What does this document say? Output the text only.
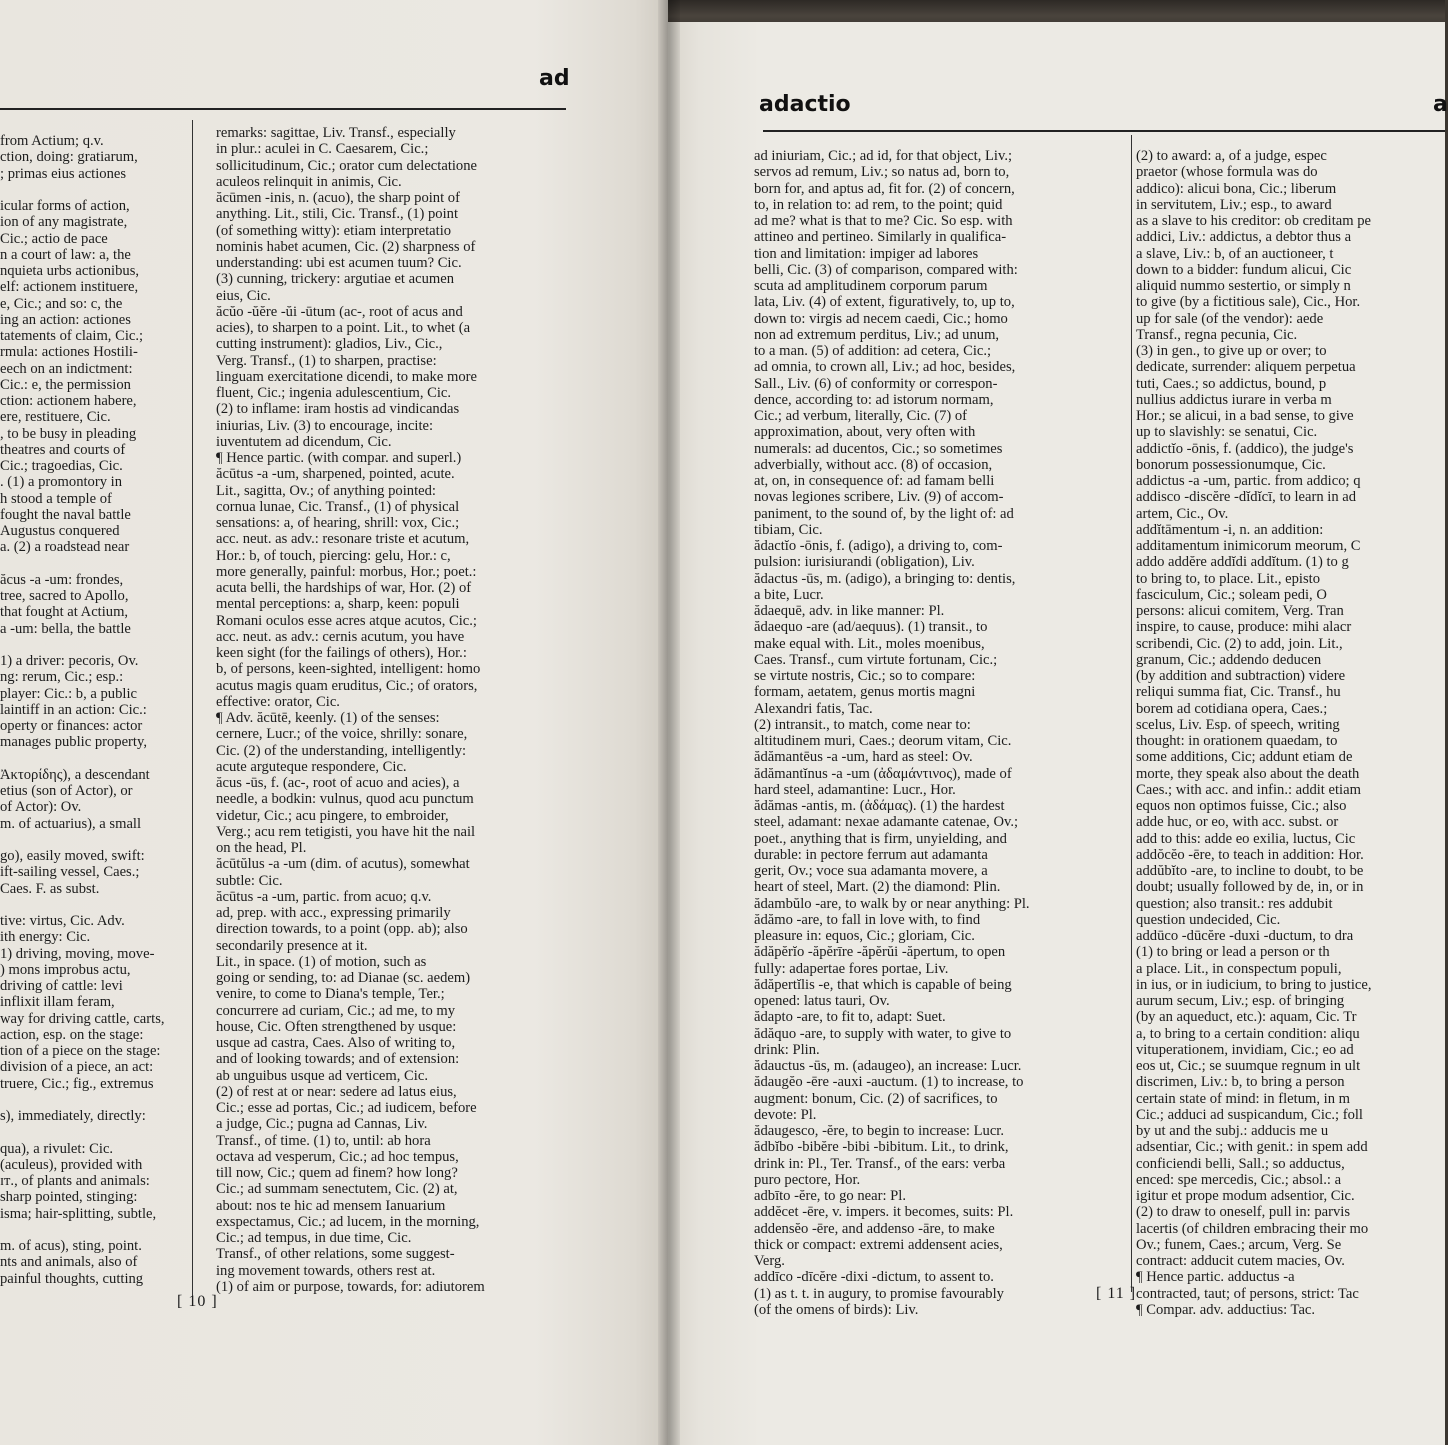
ad
from Actium; q.v.
ction, doing: gratiarum,
; primas eius actiones

icular forms of action,
ion of any magistrate,
Cic.; actio de pace
n a court of law: a, the
nquieta urbs actionibus,
elf: actionem instituere,
e, Cic.; and so: c, the
ing an action: actiones
tatements of claim, Cic.;
rmula: actiones Hostili-
eech on an indictment:
Cic.: e, the permission
ction: actionem habere,
ere, restituere, Cic.
, to be busy in pleading
theatres and courts of
Cic.; tragoedias, Cic.
. (1) a promontory in
h stood a temple of
fought the naval battle
Augustus conquered
a. (2) a roadstead near

ăcus -a -um: frondes,
tree, sacred to Apollo,
that fought at Actium,
a -um: bella, the battle

1) a driver: pecoris, Ov.
ng: rerum, Cic.; esp.:
player: Cic.: b, a public
laintiff in an action: Cic.:
operty or finances: actor
manages public property,

Ἀκτορίδης), a descendant
etius (son of Actor), or
of Actor): Ov.
m. of actuarius), a small

go), easily moved, swift:
ift-sailing vessel, Caes.;
Caes. F. as subst.

tive: virtus, Cic. Adv.
ith energy: Cic.
1) driving, moving, move-
) mons improbus actu,
driving of cattle: levi
inflixit illam feram,
way for driving cattle, carts,
action, esp. on the stage:
tion of a piece on the stage:
division of a piece, an act:
truere, Cic.; fig., extremus

s), immediately, directly:

qua), a rivulet: Cic.
(aculeus), provided with
ɪᴛ., of plants and animals:
sharp pointed, stinging:
isma; hair-splitting, subtle,

m. of acus), sting, point.
nts and animals, also of
painful thoughts, cutting
remarks: sagittae, Liv. Transf., especially
in plur.: aculei in C. Caesarem, Cic.;
sollicitudinum, Cic.; orator cum delectatione
aculeos relinquit in animis, Cic.
ăcūmen -inis, n. (acuo), the sharp point of
anything. Lit., stili, Cic. Transf., (1) point
(of something witty): etiam interpretatio
nominis habet acumen, Cic. (2) sharpness of
understanding: ubi est acumen tuum? Cic.
(3) cunning, trickery: argutiae et acumen
eius, Cic.
ăcŭo -ŭĕre -ŭi -ūtum (ac-, root of acus and
acies), to sharpen to a point. Lit., to whet (a
cutting instrument): gladios, Liv., Cic.,
Verg. Transf., (1) to sharpen, practise:
linguam exercitatione dicendi, to make more
fluent, Cic.; ingenia adulescentium, Cic.
(2) to inflame: iram hostis ad vindicandas
iniurias, Liv. (3) to encourage, incite:
iuventutem ad dicendum, Cic.
¶ Hence partic. (with compar. and superl.)
ăcūtus -a -um, sharpened, pointed, acute.
Lit., sagitta, Ov.; of anything pointed:
cornua lunae, Cic. Transf., (1) of physical
sensations: a, of hearing, shrill: vox, Cic.;
acc. neut. as adv.: resonare triste et acutum,
Hor.: b, of touch, piercing: gelu, Hor.: c,
more generally, painful: morbus, Hor.; poet.:
acuta belli, the hardships of war, Hor. (2) of
mental perceptions: a, sharp, keen: populi
Romani oculos esse acres atque acutos, Cic.;
acc. neut. as adv.: cernis acutum, you have
keen sight (for the failings of others), Hor.:
b, of persons, keen-sighted, intelligent: homo
acutus magis quam eruditus, Cic.; of orators,
effective: orator, Cic.
¶ Adv. ăcūtē, keenly. (1) of the senses:
cernere, Lucr.; of the voice, shrilly: sonare,
Cic. (2) of the understanding, intelligently:
acute arguteque respondere, Cic.
ăcus -ūs, f. (ac-, root of acuo and acies), a
needle, a bodkin: vulnus, quod acu punctum
videtur, Cic.; acu pingere, to embroider,
Verg.; acu rem tetigisti, you have hit the nail
on the head, Pl.
ăcūtŭlus -a -um (dim. of acutus), somewhat
subtle: Cic.
ăcūtus -a -um, partic. from acuo; q.v.
ad, prep. with acc., expressing primarily
direction towards, to a point (opp. ab); also
secondarily presence at it.
Lit., in space. (1) of motion, such as
going or sending, to: ad Dianae (sc. aedem)
venire, to come to Diana's temple, Ter.;
concurrere ad curiam, Cic.; ad me, to my
house, Cic. Often strengthened by usque:
usque ad castra, Caes. Also of writing to,
and of looking towards; and of extension:
ab unguibus usque ad verticem, Cic.
(2) of rest at or near: sedere ad latus eius,
Cic.; esse ad portas, Cic.; ad iudicem, before
a judge, Cic.; pugna ad Cannas, Liv.
Transf., of time. (1) to, until: ab hora
octava ad vesperum, Cic.; ad hoc tempus,
till now, Cic.; quem ad finem? how long?
Cic.; ad summam senectutem, Cic. (2) at,
about: nos te hic ad mensem Ianuarium
exspectamus, Cic.; ad lucem, in the morning,
Cic.; ad tempus, in due time, Cic.
Transf., of other relations, some suggest-
ing movement towards, others rest at.
(1) of aim or purpose, towards, for: adiutorem
[ 10 ]
adactio	a
ad iniuriam, Cic.; ad id, for that object, Liv.;
servos ad remum, Liv.; so natus ad, born to,
born for, and aptus ad, fit for. (2) of concern,
to, in relation to: ad rem, to the point; quid
ad me? what is that to me? Cic. So esp. with
attineo and pertineo. Similarly in qualifica-
tion and limitation: impiger ad labores
belli, Cic. (3) of comparison, compared with:
scuta ad amplitudinem corporum parum
lata, Liv. (4) of extent, figuratively, to, up to,
down to: virgis ad necem caedi, Cic.; homo
non ad extremum perditus, Liv.; ad unum,
to a man. (5) of addition: ad cetera, Cic.;
ad omnia, to crown all, Liv.; ad hoc, besides,
Sall., Liv. (6) of conformity or correspon-
dence, according to: ad istorum normam,
Cic.; ad verbum, literally, Cic. (7) of
approximation, about, very often with
numerals: ad ducentos, Cic.; so sometimes
adverbially, without acc. (8) of occasion,
at, on, in consequence of: ad famam belli
novas legiones scribere, Liv. (9) of accom-
paniment, to the sound of, by the light of: ad
tibiam, Cic.
ădactĭo -ōnis, f. (adigo), a driving to, com-
pulsion: iurisiurandi (obligation), Liv.
ădactus -ūs, m. (adigo), a bringing to: dentis,
a bite, Lucr.
ădaequē, adv. in like manner: Pl.
ădaequo -are (ad/aequus). (1) transit., to
make equal with. Lit., moles moenibus,
Caes. Transf., cum virtute fortunam, Cic.;
se virtute nostris, Cic.; so to compare:
formam, aetatem, genus mortis magni
Alexandri fatis, Tac.
(2) intransit., to match, come near to:
altitudinem muri, Caes.; deorum vitam, Cic.
ădămantēus -a -um, hard as steel: Ov.
ădămantĭnus -a -um (ἀδαμάντινος), made of
hard steel, adamantine: Lucr., Hor.
ădămas -antis, m. (ἀδάμας). (1) the hardest
steel, adamant: nexae adamante catenae, Ov.;
poet., anything that is firm, unyielding, and
durable: in pectore ferrum aut adamanta
gerit, Ov.; voce sua adamanta movere, a
heart of steel, Mart. (2) the diamond: Plin.
ădambŭlo -are, to walk by or near anything: Pl.
ădămo -are, to fall in love with, to find
pleasure in: equos, Cic.; gloriam, Cic.
ădăpĕrĭo -ăpĕrīre -ăpĕrŭi -ăpertum, to open
fully: adapertae fores portae, Liv.
ădăpertĭlis -e, that which is capable of being
opened: latus tauri, Ov.
ădapto -are, to fit to, adapt: Suet.
ădăquo -are, to supply with water, to give to
drink: Plin.
ădauctus -ūs, m. (adaugeo), an increase: Lucr.
ădaugĕo -ēre -auxi -auctum. (1) to increase, to
augment: bonum, Cic. (2) of sacrifices, to
devote: Pl.
ădaugesco, -ĕre, to begin to increase: Lucr.
ădbĭbo -bibĕre -bibi -bibitum. Lit., to drink,
drink in: Pl., Ter. Transf., of the ears: verba
puro pectore, Hor.
adbīto -ĕre, to go near: Pl.
addĕcet -ēre, v. impers. it becomes, suits: Pl.
addensĕo -ēre, and addenso -āre, to make
thick or compact: extremi addensent acies,
Verg.
addīco -dīcĕre -dixi -dictum, to assent to.
(1) as t. t. in augury, to promise favourably
(of the omens of birds): Liv.
(2) to award: a, of a judge, espec
praetor (whose formula was do
addico): alicui bona, Cic.; liberum
in servitutem, Liv.; esp., to award
as a slave to his creditor: ob creditam pe
addici, Liv.: addictus, a debtor thus a
a slave, Liv.: b, of an auctioneer, t
down to a bidder: fundum alicui, Cic
aliquid nummo sestertio, or simply n
to give (by a fictitious sale), Cic., Hor.
up for sale (of the vendor): aede
Transf., regna pecunia, Cic.
(3) in gen., to give up or over; to
dedicate, surrender: aliquem perpetua
tuti, Caes.; so addictus, bound, p
nullius addictus iurare in verba m
Hor.; se alicui, in a bad sense, to give
up to slavishly: se senatui, Cic.
addictĭo -ōnis, f. (addico), the judge's
bonorum possessionumque, Cic.
addictus -a -um, partic. from addico; q
addisco -discĕre -dĭdĭcī, to learn in ad
artem, Cic., Ov.
addĭtāmentum -i, n. an addition:
additamentum inimicorum meorum, C
addo addĕre addĭdi addĭtum. (1) to g
to bring to, to place. Lit., episto
fasciculum, Cic.; soleam pedi, O
persons: alicui comitem, Verg. Tran
inspire, to cause, produce: mihi alacr
scribendi, Cic. (2) to add, join. Lit.,
granum, Cic.; addendo deducen
(by addition and subtraction) videre
reliqui summa fiat, Cic. Transf., hu
borem ad cotidiana opera, Caes.;
scelus, Liv. Esp. of speech, writing
thought: in orationem quaedam, to
some additions, Cic; addunt etiam de
morte, they speak also about the death
Caes.; with acc. and infin.: addit etiam
equos non optimos fuisse, Cic.; also
adde huc, or eo, with acc. subst. or
add to this: adde eo exilia, luctus, Cic
addŏcĕo -ēre, to teach in addition: Hor.
addŭbĭto -are, to incline to doubt, to be
doubt; usually followed by de, in, or in
question; also transit.: res addubit
question undecided, Cic.
addūco -dūcĕre -duxi -ductum, to dra
(1) to bring or lead a person or th
a place. Lit., in conspectum populi,
in ius, or in iudicium, to bring to justice,
aurum secum, Liv.; esp. of bringing
(by an aqueduct, etc.): aquam, Cic. Tr
a, to bring to a certain condition: aliqu
vituperationem, invidiam, Cic.; eo ad
eos ut, Cic.; se suumque regnum in ult
discrimen, Liv.: b, to bring a person
certain state of mind: in fletum, in m
Cic.; adduci ad suspicandum, Cic.; foll
by ut and the subj.: adducis me u
adsentiar, Cic.; with genit.: in spem add
conficiendi belli, Sall.; so adductus,
enced: spe mercedis, Cic.; absol.: a
igitur et prope modum adsentior, Cic.
(2) to draw to oneself, pull in: parvis
lacertis (of children embracing their mo
Ov.; funem, Caes.; arcum, Verg. Se
contract: adducit cutem macies, Ov.
¶ Hence partic. adductus -a
contracted, taut; of persons, strict: Tac
¶ Compar. adv. adductius: Tac.
[ 11 ]
